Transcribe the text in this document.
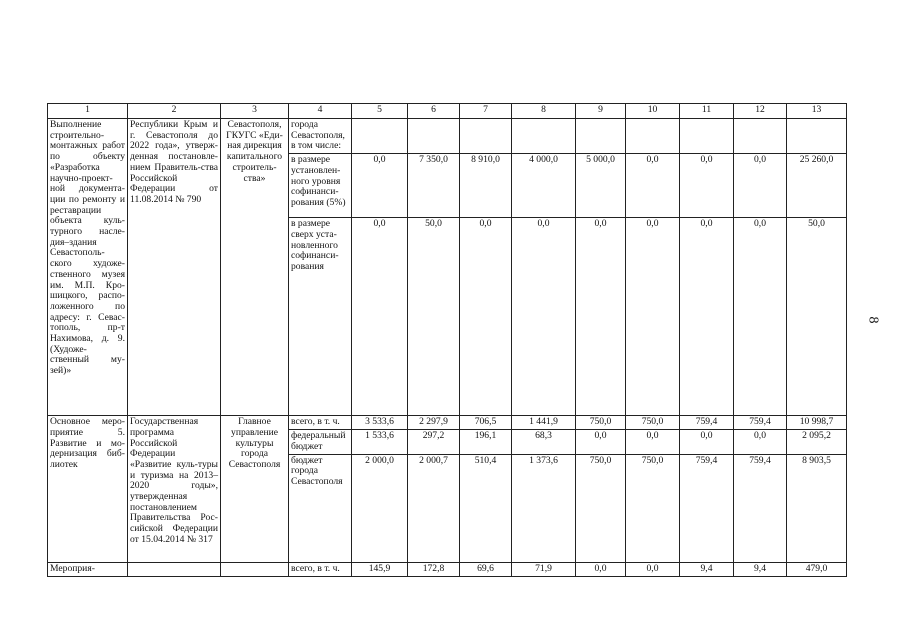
1	2	3	4	5	6	7	8	9	10	11	12	13
Выполнение строительно-монтажных работ по объекту «Разработка научно-проект-ной документа-ции по ремонту и реставрации объекта куль-турного насле-дия–здания Севастополь-ского художе-ственного музея им. М.П. Кро-шицкого, распо-ложенного по адресу: г. Севас-тополь, пр-т Нахимова, д. 9. (Художе-ственный му-зей)»	Республики Крым и г. Севастополя до 2022 года», утверж-денная постановле-нием Правитель-ства Российской Федерации от 11.08.2014 № 790	Севастополя, ГКУГС «Еди-ная дирекция капитального строитель-ства»	города Севастополя, в том числе:									
			в размере установлен-ного уровня софинанси-рования (5%)	0,0	7 350,0	8 910,0	4 000,0	5 000,0	0,0	0,0	0,0	25 260,0
			в размере сверх уста-новленного софинанси-рования	0,0	50,0	0,0	0,0	0,0	0,0	0,0	0,0	50,0
Основное меро-приятие 5. Развитие и мо-дернизация биб-лиотек	Государственная программа Российской Федерации «Развитие куль-туры и туризма на 2013–2020 годы», утвержденная постановлением Правительства Рос-сийской Федерации от 15.04.2014 № 317	Главное управление культуры города Севастополя	всего, в т. ч.	3 533,6	2 297,9	706,5	1 441,9	750,0	750,0	759,4	759,4	10 998,7
			федеральный бюджет	1 533,6	297,2	196,1	68,3	0,0	0,0	0,0	0,0	2 095,2
			бюджет города Севастополя	2 000,0	2 000,7	510,4	1 373,6	750,0	750,0	759,4	759,4	8 903,5
Мероприя-			всего, в т. ч.	145,9	172,8	69,6	71,9	0,0	0,0	9,4	9,4	479,0
8
